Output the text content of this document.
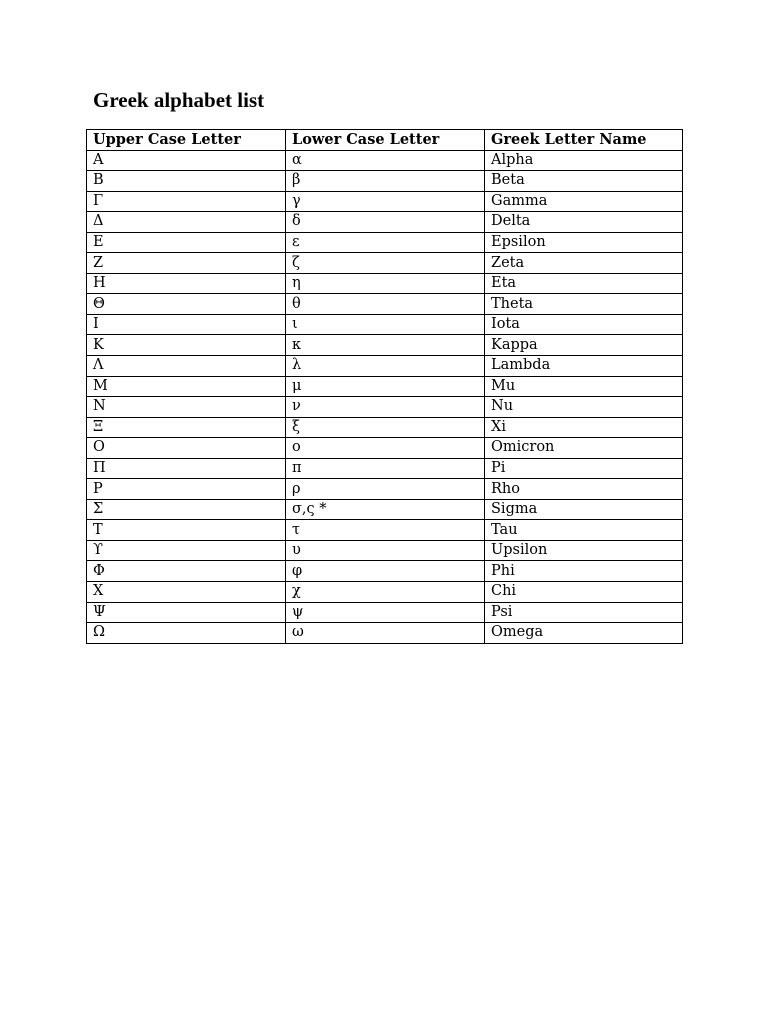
Greek alphabet list
Upper Case Letter	Lower Case Letter	Greek Letter Name
Α	α	Alpha
Β	β	Beta
Γ	γ	Gamma
Δ	δ	Delta
Ε	ε	Epsilon
Ζ	ζ	Zeta
Η	η	Eta
Θ	θ	Theta
Ι	ι	Iota
Κ	κ	Kappa
Λ	λ	Lambda
Μ	μ	Mu
Ν	ν	Nu
Ξ	ξ	Xi
Ο	ο	Omicron
Π	π	Pi
Ρ	ρ	Rho
Σ	σ,ς *	Sigma
Τ	τ	Tau
ϒ	υ	Upsilon
Φ	φ	Phi
Χ	χ	Chi
Ψ	ψ	Psi
Ω	ω	Omega
